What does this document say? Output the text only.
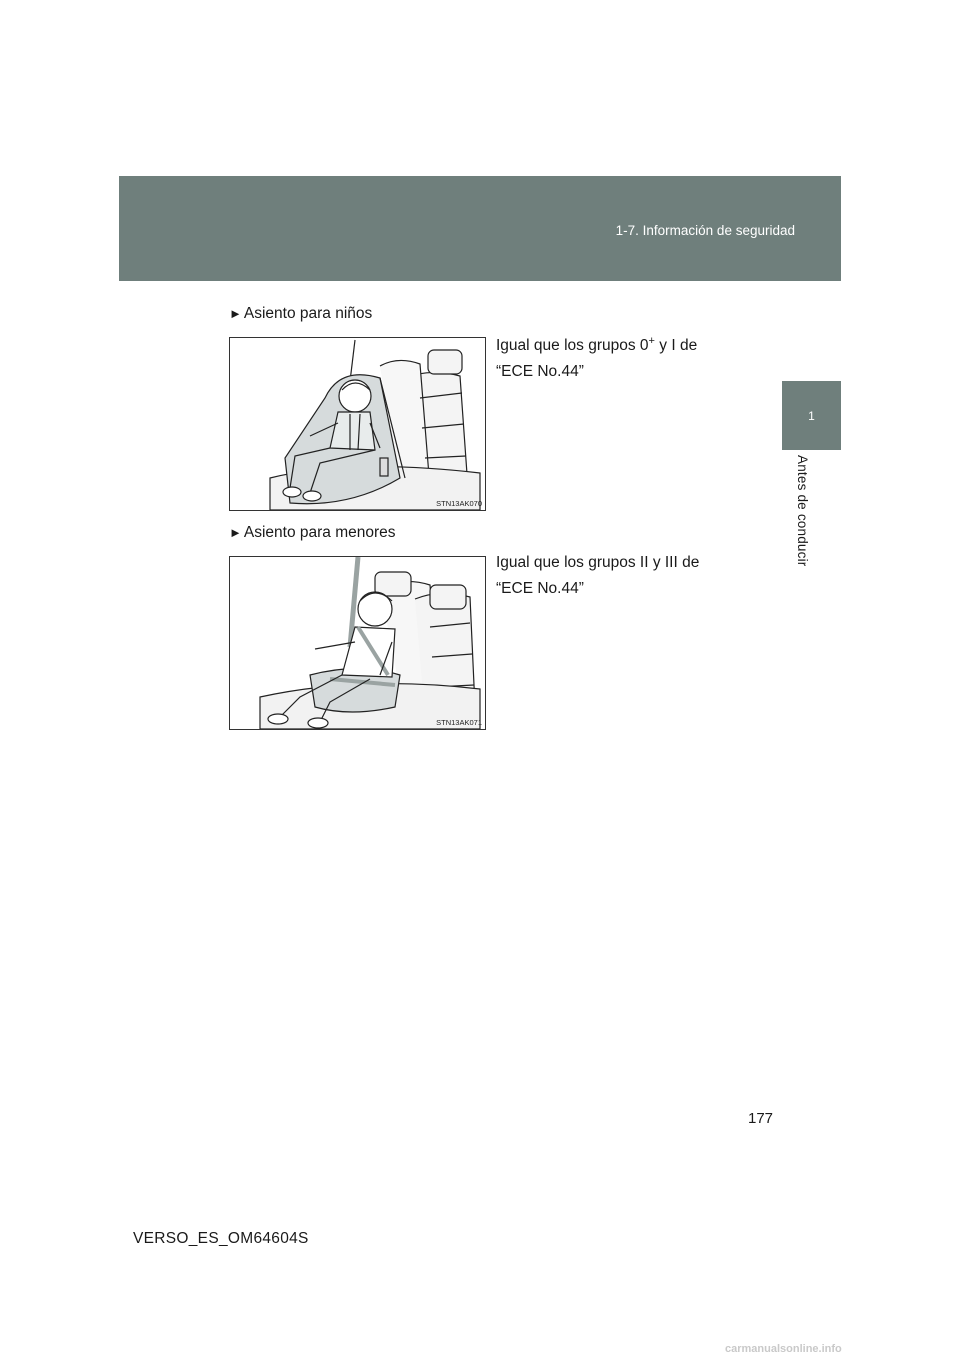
1-7. Información de seguridad
1
Antes de conducir
► Asiento para niños
STN13AK070
Igual que los grupos 0+ y I de
“ECE No.44”
► Asiento para menores
STN13AK071
Igual que los grupos II y III de
“ECE No.44”
177
VERSO_ES_OM64604S
carmanualsonline.info
